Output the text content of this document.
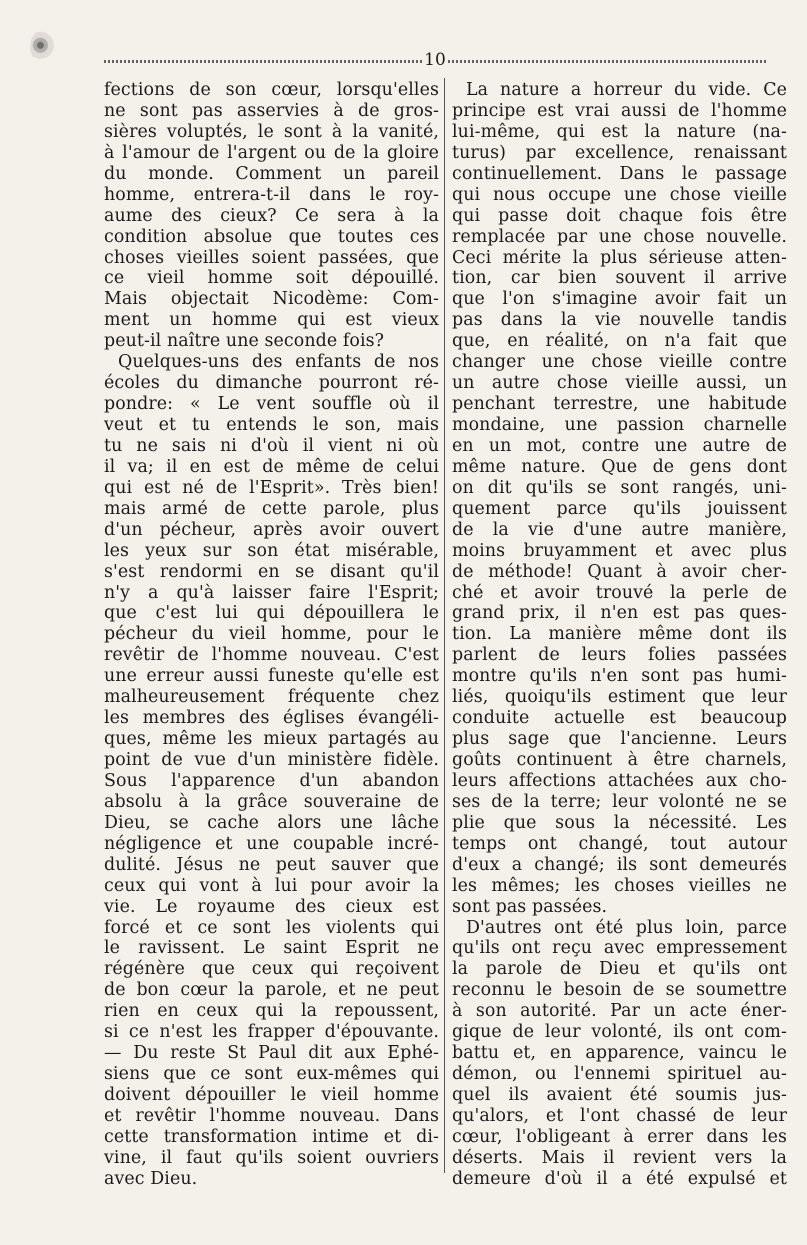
10
fections de son cœur, lorsqu'elles
ne sont pas asservies à de gros-
sières voluptés, le sont à la vanité,
à l'amour de l'argent ou de la gloire
du monde. Comment un pareil
homme, entrera-t-il dans le roy-
aume des cieux? Ce sera à la
condition absolue que toutes ces
choses vieilles soient passées, que
ce vieil homme soit dépouillé.
Mais objectait Nicodème: Com-
ment un homme qui est vieux
peut-il naître une seconde fois?
Quelques-uns des enfants de nos
écoles du dimanche pourront ré-
pondre: « Le vent souffle où il
veut et tu entends le son, mais
tu ne sais ni d'où il vient ni où
il va; il en est de même de celui
qui est né de l'Esprit». Très bien!
mais armé de cette parole, plus
d'un pécheur, après avoir ouvert
les yeux sur son état misérable,
s'est rendormi en se disant qu'il
n'y a qu'à laisser faire l'Esprit;
que c'est lui qui dépouillera le
pécheur du vieil homme, pour le
revêtir de l'homme nouveau. C'est
une erreur aussi funeste qu'elle est
malheureusement fréquente chez
les membres des églises évangéli-
ques, même les mieux partagés au
point de vue d'un ministère fidèle.
Sous l'apparence d'un abandon
absolu à la grâce souveraine de
Dieu, se cache alors une lâche
négligence et une coupable incré-
dulité. Jésus ne peut sauver que
ceux qui vont à lui pour avoir la
vie. Le royaume des cieux est
forcé et ce sont les violents qui
le ravissent. Le saint Esprit ne
régénère que ceux qui reçoivent
de bon cœur la parole, et ne peut
rien en ceux qui la repoussent,
si ce n'est les frapper d'épouvante.
— Du reste St Paul dit aux Ephé-
siens que ce sont eux-mêmes qui
doivent dépouiller le vieil homme
et revêtir l'homme nouveau. Dans
cette transformation intime et di-
vine, il faut qu'ils soient ouvriers
avec Dieu.
La nature a horreur du vide. Ce
principe est vrai aussi de l'homme
lui-même, qui est la nature (na-
turus) par excellence, renaissant
continuellement. Dans le passage
qui nous occupe une chose vieille
qui passe doit chaque fois être
remplacée par une chose nouvelle.
Ceci mérite la plus sérieuse atten-
tion, car bien souvent il arrive
que l'on s'imagine avoir fait un
pas dans la vie nouvelle tandis
que, en réalité, on n'a fait que
changer une chose vieille contre
un autre chose vieille aussi, un
penchant terrestre, une habitude
mondaine, une passion charnelle
en un mot, contre une autre de
même nature. Que de gens dont
on dit qu'ils se sont rangés, uni-
quement parce qu'ils jouissent
de la vie d'une autre manière,
moins bruyamment et avec plus
de méthode! Quant à avoir cher-
ché et avoir trouvé la perle de
grand prix, il n'en est pas ques-
tion. La manière même dont ils
parlent de leurs folies passées
montre qu'ils n'en sont pas humi-
liés, quoiqu'ils estiment que leur
conduite actuelle est beaucoup
plus sage que l'ancienne. Leurs
goûts continuent à être charnels,
leurs affections attachées aux cho-
ses de la terre; leur volonté ne se
plie que sous la nécessité. Les
temps ont changé, tout autour
d'eux a changé; ils sont demeurés
les mêmes; les choses vieilles ne
sont pas passées.
D'autres ont été plus loin, parce
qu'ils ont reçu avec empressement
la parole de Dieu et qu'ils ont
reconnu le besoin de se soumettre
à son autorité. Par un acte éner-
gique de leur volonté, ils ont com-
battu et, en apparence, vaincu le
démon, ou l'ennemi spirituel au-
quel ils avaient été soumis jus-
qu'alors, et l'ont chassé de leur
cœur, l'obligeant à errer dans les
déserts. Mais il revient vers la
demeure d'où il a été expulsé et
